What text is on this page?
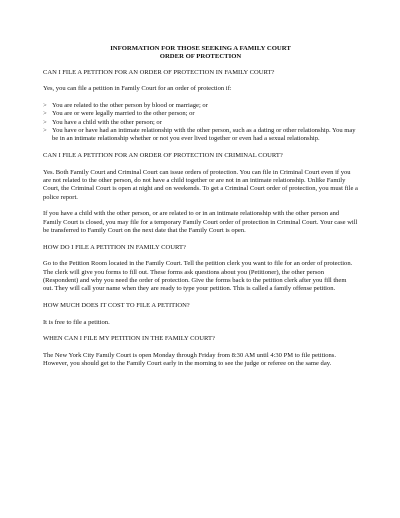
INFORMATION FOR THOSE SEEKING A FAMILY COURT
ORDER OF PROTECTION

CAN I FILE A PETITION FOR AN ORDER OF PROTECTION IN FAMILY COURT?

Yes, you can file a petition in Family Court for an order of protection if:

> You are related to the other person by blood or marriage; or
> You are or were legally married to the other person; or
> You have a child with the other person; or
> You have or have had an intimate relationship with the other person, such as a dating or other relationship. You may be in an intimate relationship whether or not you ever lived together or even had a sexual relationship.

CAN I FILE A PETITION FOR AN ORDER OF PROTECTION IN CRIMINAL COURT?

Yes. Both Family Court and Criminal Court can issue orders of protection. You can file in Criminal Court even if you are not related to the other person, do not have a child together or are not in an intimate relationship. Unlike Family Court, the Criminal Court is open at night and on weekends. To get a Criminal Court order of protection, you must file a police report.

If you have a child with the other person, or are related to or in an intimate relationship with the other person and Family Court is closed, you may file for a temporary Family Court order of protection in Criminal Court. Your case will be transferred to Family Court on the next date that the Family Court is open.

HOW DO I FILE A PETITION IN FAMILY COURT?

Go to the Petition Room located in the Family Court. Tell the petition clerk you want to file for an order of protection. The clerk will give you forms to fill out. These forms ask questions about you (Petitioner), the other person (Respondent) and why you need the order of protection. Give the forms back to the petition clerk after you fill them out. They will call your name when they are ready to type your petition. This is called a family offense petition.

HOW MUCH DOES IT COST TO FILE A PETITION?

It is free to file a petition.

WHEN CAN I FILE MY PETITION IN THE FAMILY COURT?

The New York City Family Court is open Monday through Friday from 8:30 AM until 4:30 PM to file petitions. However, you should get to the Family Court early in the morning to see the judge or referee on the same day.
